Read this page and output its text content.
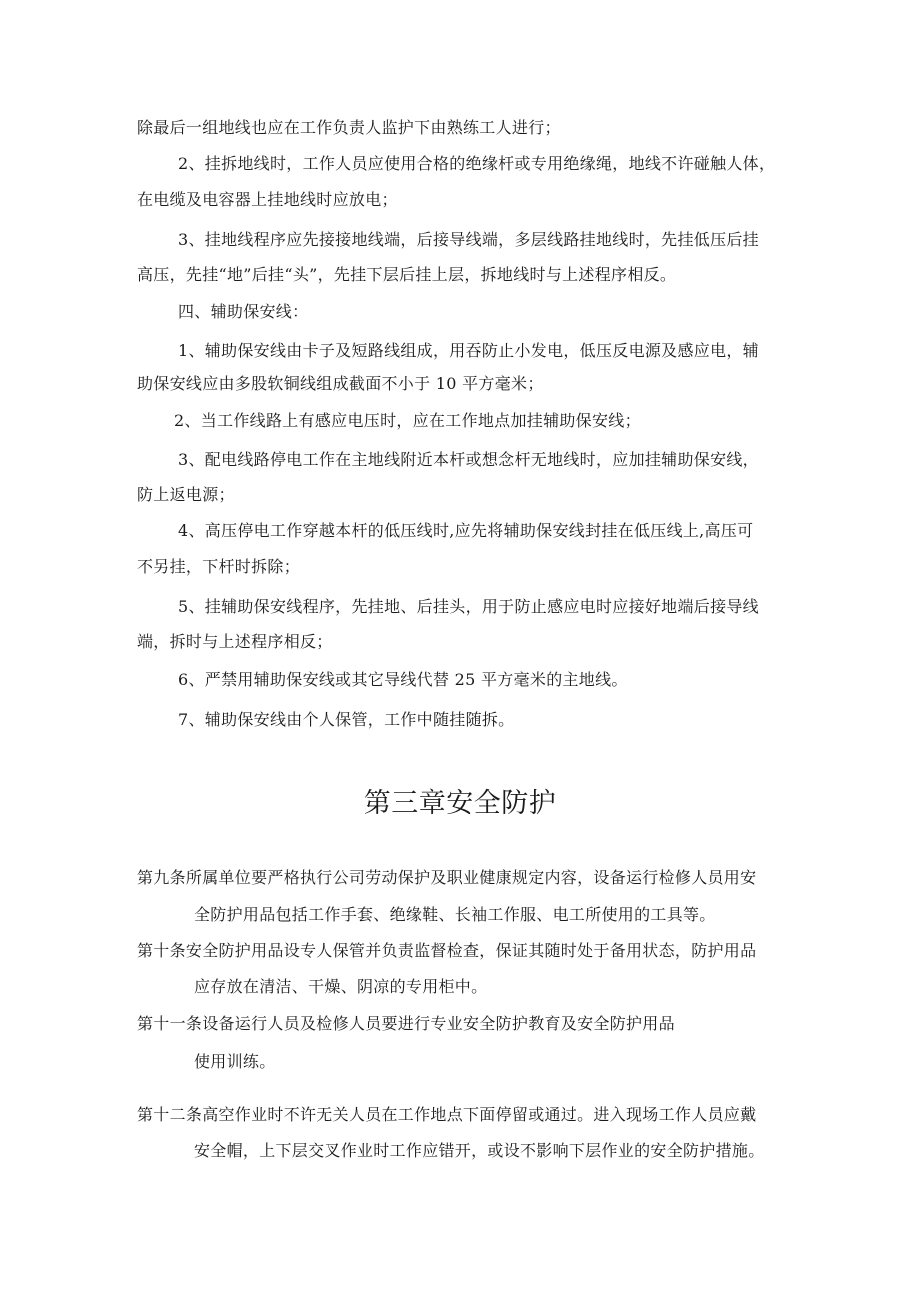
除最后一组地线也应在工作负责人监护下由熟练工人进行；
2、挂拆地线时，工作人员应使用合格的绝缘杆或专用绝缘绳，地线不许碰触人体，
在电缆及电容器上挂地线时应放电；
3、挂地线程序应先接接地线端，后接导线端，多层线路挂地线时，先挂低压后挂
高压，先挂“地”后挂“头”，先挂下层后挂上层，拆地线时与上述程序相反。
四、辅助保安线：
1、辅助保安线由卡子及短路线组成，用吞防止小发电，低压反电源及感应电，辅
助保安线应由多股软铜线组成截面不小于 10 平方毫米；
2、当工作线路上有感应电压时，应在工作地点加挂辅助保安线；
3、配电线路停电工作在主地线附近本杆或想念杆无地线时，应加挂辅助保安线，
防上返电源；
4、高压停电工作穿越本杆的低压线时,应先将辅助保安线封挂在低压线上,高压可
不另挂，下杆时拆除；
5、挂辅助保安线程序，先挂地、后挂头，用于防止感应电时应接好地端后接导线
端，拆时与上述程序相反；
6、严禁用辅助保安线或其它导线代替 25 平方毫米的主地线。
7、辅助保安线由个人保管，工作中随挂随拆。
第三章安全防护
第九条所属单位要严格执行公司劳动保护及职业健康规定内容，设备运行检修人员用安
全防护用品包括工作手套、绝缘鞋、长袖工作服、电工所使用的工具等。
第十条安全防护用品设专人保管并负责监督检查，保证其随时处于备用状态，防护用品
应存放在清洁、干燥、阴凉的专用柜中。
第十一条设备运行人员及检修人员要进行专业安全防护教育及安全防护用品
使用训练。
第十二条高空作业时不许无关人员在工作地点下面停留或通过。进入现场工作人员应戴
安全帽，上下层交叉作业时工作应错开，或设不影响下层作业的安全防护措施。
